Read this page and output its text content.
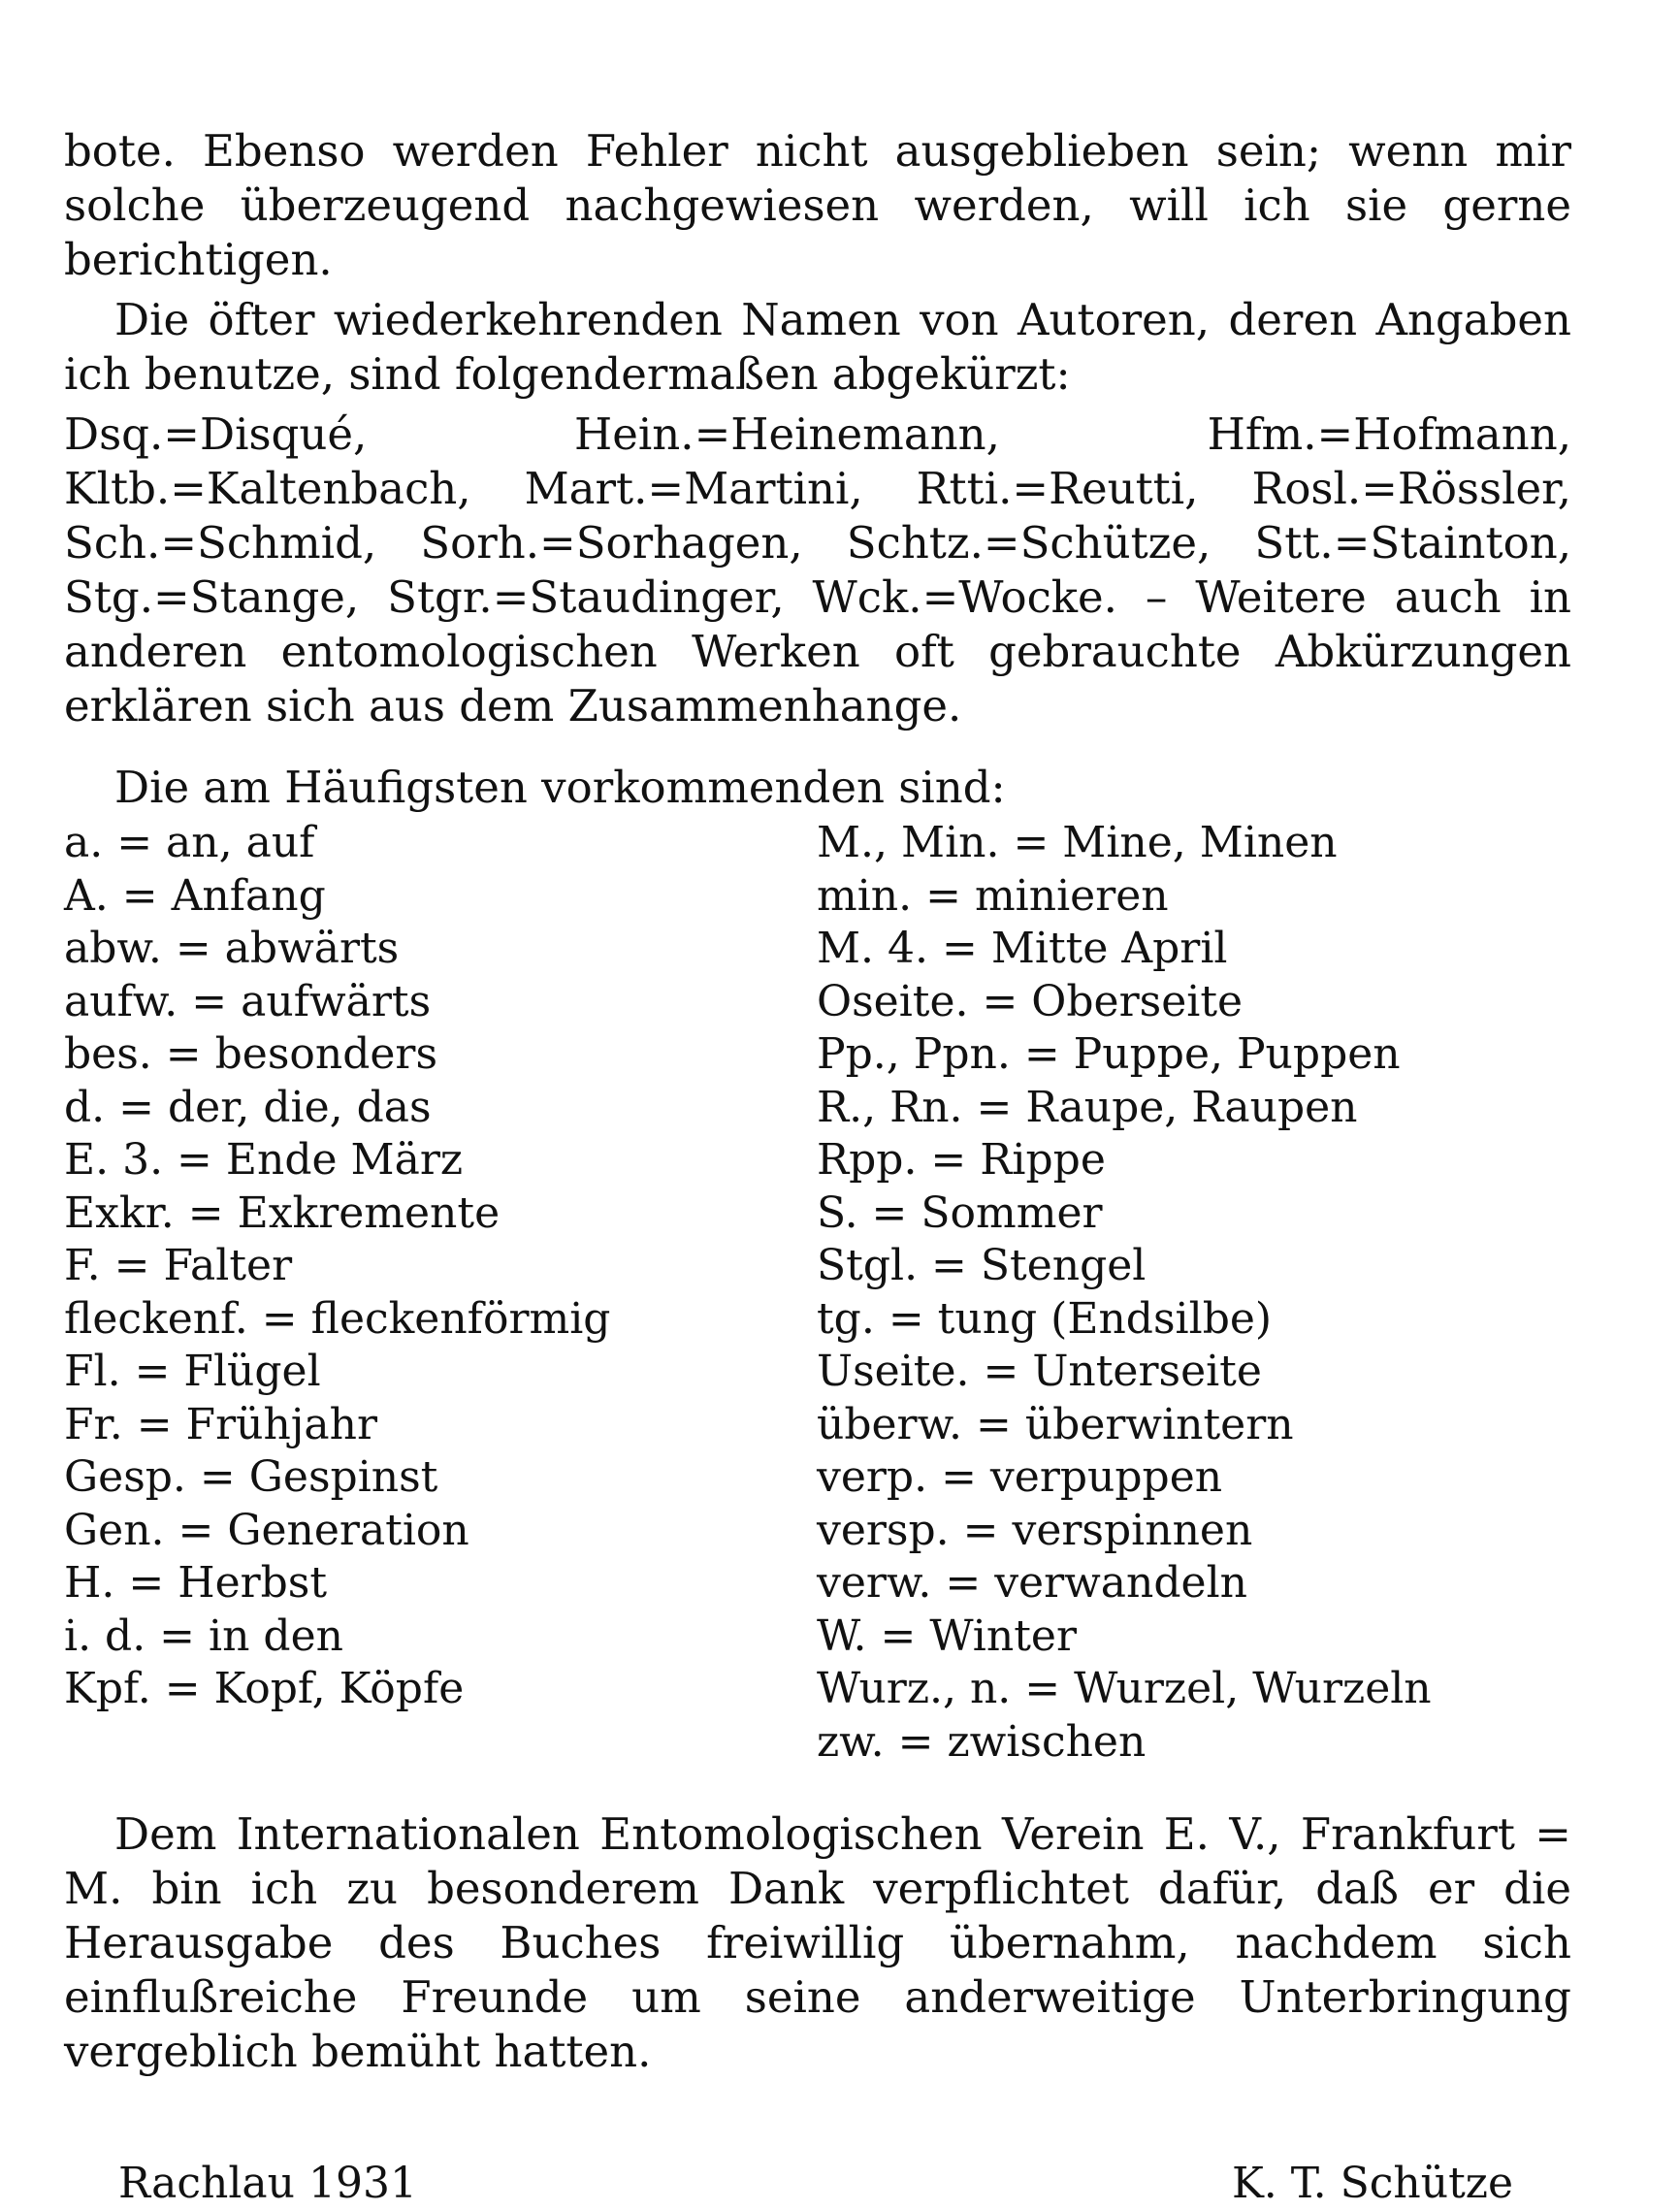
bote. Ebenso werden Fehler nicht ausgeblieben sein; wenn mir solche überzeugend nachgewiesen werden, will ich sie gerne berichtigen.

Die öfter wiederkehrenden Namen von Autoren, deren Angaben ich benutze, sind folgendermaßen abgekürzt:

Dsq.=Disqué, Hein.=Heinemann, Hfm.=Hofmann, Kltb.=Kaltenbach, Mart.=Martini, Rtti.=Reutti, Rosl.=Rössler, Sch.=Schmid, Sorh.=Sorhagen, Schtz.=Schütze, Stt.=Stainton, Stg.=Stange, Stgr.=Staudinger, Wck.=Wocke. – Weitere auch in anderen entomologischen Werken oft gebrauchte Abkürzungen erklären sich aus dem Zusammenhange.

Die am Häufigsten vorkommenden sind:

a. = an, auf
A. = Anfang
abw. = abwärts
aufw. = aufwärts
bes. = besonders
d. = der, die, das
E. 3. = Ende März
Exkr. = Exkremente
F. = Falter
fleckenf. = fleckenförmig
Fl. = Flügel
Fr. = Frühjahr
Gesp. = Gespinst
Gen. = Generation
H. = Herbst
i. d. = in den
Kpf. = Kopf, Köpfe
M., Min. = Mine, Minen
min. = minieren
M. 4. = Mitte April
Oseite. = Oberseite
Pp., Ppn. = Puppe, Puppen
R., Rn. = Raupe, Raupen
Rpp. = Rippe
S. = Sommer
Stgl. = Stengel
tg. = tung (Endsilbe)
Useite. = Unterseite
überw. = überwintern
verp. = verpuppen
versp. = verspinnen
verw. = verwandeln
W. = Winter
Wurz., n. = Wurzel, Wurzeln
zw. = zwischen

Dem Internationalen Entomologischen Verein E. V., Frankfurt = M. bin ich zu besonderem Dank verpflichtet dafür, daß er die Herausgabe des Buches freiwillig übernahm, nachdem sich einflußreiche Freunde um seine anderweitige Unterbringung vergeblich bemüht hatten.

Rachlau 1931	K. T. Schütze
